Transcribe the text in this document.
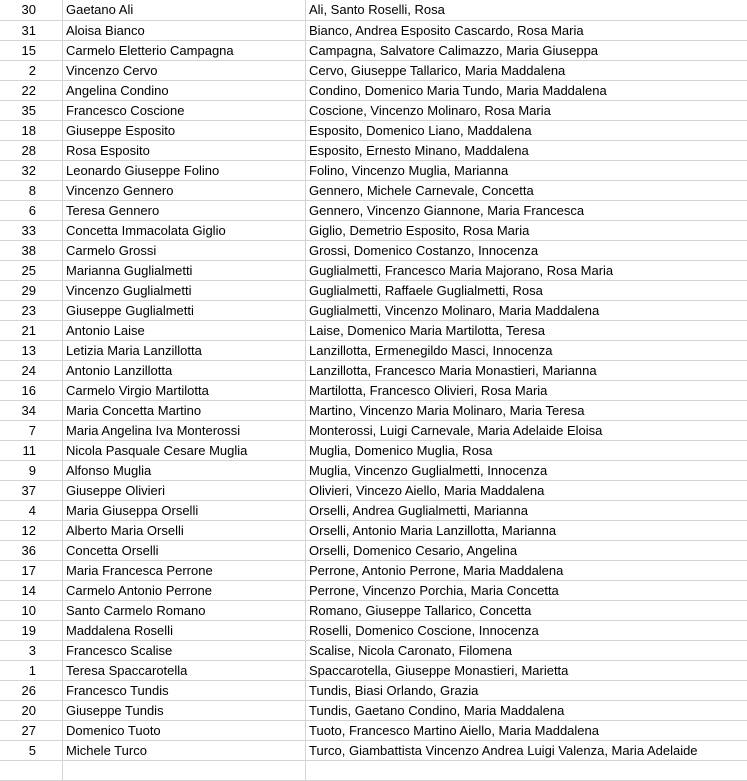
30	Gaetano Ali	Ali, Santo Roselli, Rosa
31	Aloisa Bianco	Bianco, Andrea Esposito Cascardo, Rosa Maria
15	Carmelo Eletterio Campagna	Campagna, Salvatore Calimazzo, Maria Giuseppa
2	Vincenzo Cervo	Cervo, Giuseppe Tallarico, Maria Maddalena
22	Angelina Condino	Condino, Domenico Maria Tundo, Maria Maddalena
35	Francesco Coscione	Coscione, Vincenzo Molinaro, Rosa Maria
18	Giuseppe Esposito	Esposito, Domenico Liano, Maddalena
28	Rosa Esposito	Esposito, Ernesto Minano, Maddalena
32	Leonardo Giuseppe Folino	Folino, Vincenzo Muglia, Marianna
8	Vincenzo Gennero	Gennero, Michele Carnevale, Concetta
6	Teresa Gennero	Gennero, Vincenzo Giannone, Maria Francesca
33	Concetta Immacolata Giglio	Giglio, Demetrio Esposito, Rosa Maria
38	Carmelo Grossi	Grossi, Domenico Costanzo, Innocenza
25	Marianna Guglialmetti	Guglialmetti, Francesco Maria Majorano, Rosa Maria
29	Vincenzo Guglialmetti	Guglialmetti, Raffaele Guglialmetti, Rosa
23	Giuseppe Guglialmetti	Guglialmetti, Vincenzo Molinaro, Maria Maddalena
21	Antonio Laise	Laise, Domenico Maria Martilotta, Teresa
13	Letizia Maria Lanzillotta	Lanzillotta, Ermenegildo Masci, Innocenza
24	Antonio Lanzillotta	Lanzillotta, Francesco Maria Monastieri, Marianna
16	Carmelo Virgio Martilotta	Martilotta, Francesco Olivieri, Rosa Maria
34	Maria Concetta Martino	Martino, Vincenzo Maria Molinaro, Maria Teresa
7	Maria Angelina Iva Monterossi	Monterossi, Luigi Carnevale, Maria Adelaide Eloisa
11	Nicola Pasquale Cesare Muglia	Muglia, Domenico Muglia, Rosa
9	Alfonso Muglia	Muglia, Vincenzo Guglialmetti, Innocenza
37	Giuseppe Olivieri	Olivieri, Vincezo Aiello, Maria Maddalena
4	Maria Giuseppa Orselli	Orselli, Andrea Guglialmetti, Marianna
12	Alberto Maria Orselli	Orselli, Antonio Maria Lanzillotta, Marianna
36	Concetta Orselli	Orselli, Domenico Cesario, Angelina
17	Maria Francesca Perrone	Perrone, Antonio Perrone, Maria Maddalena
14	Carmelo Antonio Perrone	Perrone, Vincenzo Porchia, Maria Concetta
10	Santo Carmelo Romano	Romano, Giuseppe Tallarico, Concetta
19	Maddalena Roselli	Roselli, Domenico Coscione, Innocenza
3	Francesco Scalise	Scalise, Nicola Caronato, Filomena
1	Teresa Spaccarotella	Spaccarotella, Giuseppe Monastieri, Marietta
26	Francesco Tundis	Tundis, Biasi Orlando, Grazia
20	Giuseppe Tundis	Tundis, Gaetano Condino, Maria Maddalena
27	Domenico Tuoto	Tuoto, Francesco Martino Aiello, Maria Maddalena
5	Michele Turco	Turco, Giambattista Vincenzo Andrea Luigi Valenza, Maria Adelaide
